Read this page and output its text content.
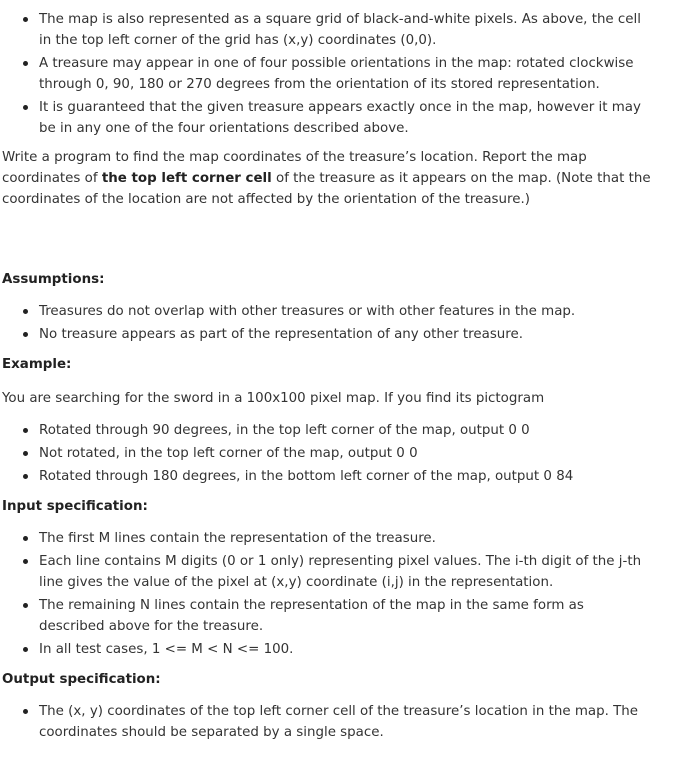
The map is also represented as a square grid of black-and-white pixels. As above, the cell in the top left corner of the grid has (x,y) coordinates (0,0).
A treasure may appear in one of four possible orientations in the map: rotated clockwise through 0, 90, 180 or 270 degrees from the orientation of its stored representation.
It is guaranteed that the given treasure appears exactly once in the map, however it may be in any one of the four orientations described above.

Write a program to find the map coordinates of the treasure’s location. Report the map coordinates of the top left corner cell of the treasure as it appears on the map. (Note that the coordinates of the location are not affected by the orientation of the treasure.)

Assumptions:
Treasures do not overlap with other treasures or with other features in the map.
No treasure appears as part of the representation of any other treasure.
Example:

You are searching for the sword in a 100x100 pixel map. If you find its pictogram

Rotated through 90 degrees, in the top left corner of the map, output 0 0
Not rotated, in the top left corner of the map, output 0 0
Rotated through 180 degrees, in the bottom left corner of the map, output 0 84
Input specification:
The first M lines contain the representation of the treasure.
Each line contains M digits (0 or 1 only) representing pixel values. The i-th digit of the j-th line gives the value of the pixel at (x,y) coordinate (i,j) in the representation.
The remaining N lines contain the representation of the map in the same form as described above for the treasure.
In all test cases, 1 <= M < N <= 100.
Output specification:
The (x, y) coordinates of the top left corner cell of the treasure’s location in the map. The coordinates should be separated by a single space.
